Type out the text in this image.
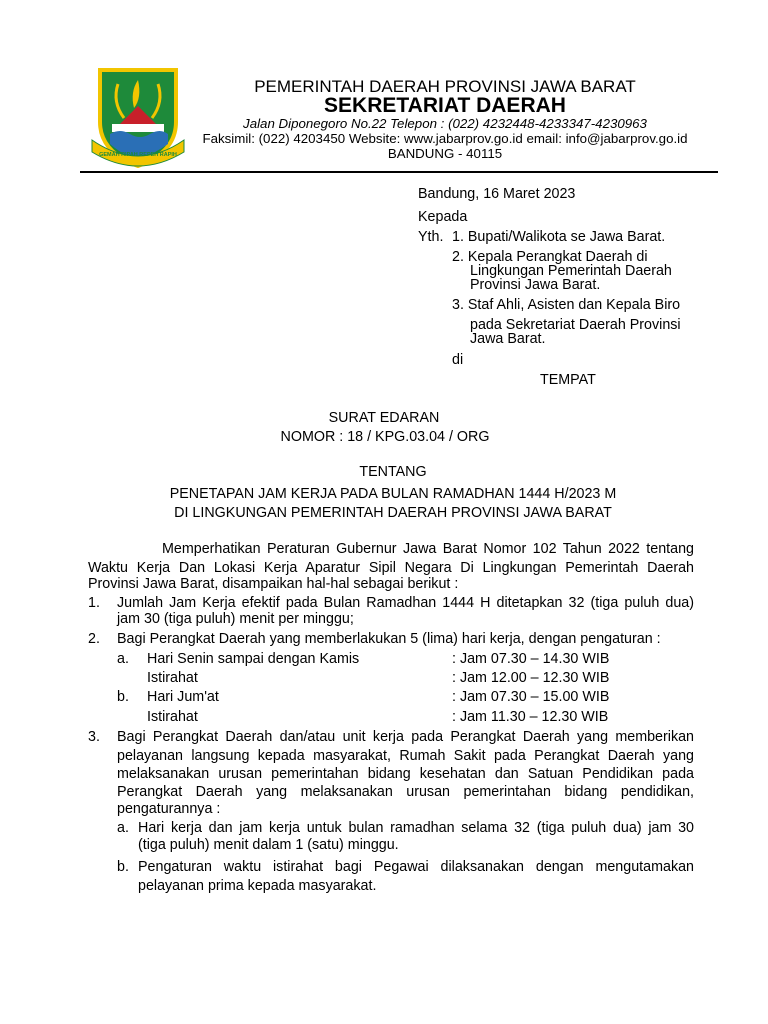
GEMAH RIPAH REPEH RAPIH
PEMERINTAH DAERAH PROVINSI JAWA BARAT
SEKRETARIAT DAERAH
Jalan Diponegoro No.22 Telepon : (022) 4232448-4233347-4230963
Faksimil: (022) 4203450 Website: www.jabarprov.go.id email: info@jabarprov.go.id
BANDUNG - 40115
Bandung, 16 Maret 2023
Kepada
Yth. 1. Bupati/Walikota se Jawa Barat.
2. Kepala Perangkat Daerah di
Lingkungan Pemerintah Daerah
Provinsi Jawa Barat.
3. Staf Ahli, Asisten dan Kepala Biro
pada Sekretariat Daerah Provinsi
Jawa Barat.
di
TEMPAT
SURAT EDARAN
NOMOR : 18 / KPG.03.04 / ORG
TENTANG
PENETAPAN JAM KERJA PADA BULAN RAMADHAN 1444 H/2023 M
DI LINGKUNGAN PEMERINTAH DAERAH PROVINSI JAWA BARAT
Memperhatikan Peraturan Gubernur Jawa Barat Nomor 102 Tahun 2022 tentang
Waktu Kerja Dan Lokasi Kerja Aparatur Sipil Negara Di Lingkungan Pemerintah Daerah
Provinsi Jawa Barat, disampaikan hal-hal sebagai berikut :
1. Jumlah Jam Kerja efektif pada Bulan Ramadhan 1444 H ditetapkan 32 (tiga puluh dua)
jam 30 (tiga puluh) menit per minggu;
2. Bagi Perangkat Daerah yang memberlakukan 5 (lima) hari kerja, dengan pengaturan :
a. Hari Senin sampai dengan Kamis	: Jam 07.30 – 14.30 WIB
Istirahat	: Jam 12.00 – 12.30 WIB
b. Hari Jum'at	: Jam 07.30 – 15.00 WIB
Istirahat	: Jam 11.30 – 12.30 WIB
3. Bagi Perangkat Daerah dan/atau unit kerja pada Perangkat Daerah yang memberikan
pelayanan langsung kepada masyarakat, Rumah Sakit pada Perangkat Daerah yang
melaksanakan urusan pemerintahan bidang kesehatan dan Satuan Pendidikan pada
Perangkat Daerah yang melaksanakan urusan pemerintahan bidang pendidikan,
pengaturannya :
a. Hari kerja dan jam kerja untuk bulan ramadhan selama 32 (tiga puluh dua) jam 30
(tiga puluh) menit dalam 1 (satu) minggu.
b. Pengaturan waktu istirahat bagi Pegawai dilaksanakan dengan mengutamakan
pelayanan prima kepada masyarakat.
